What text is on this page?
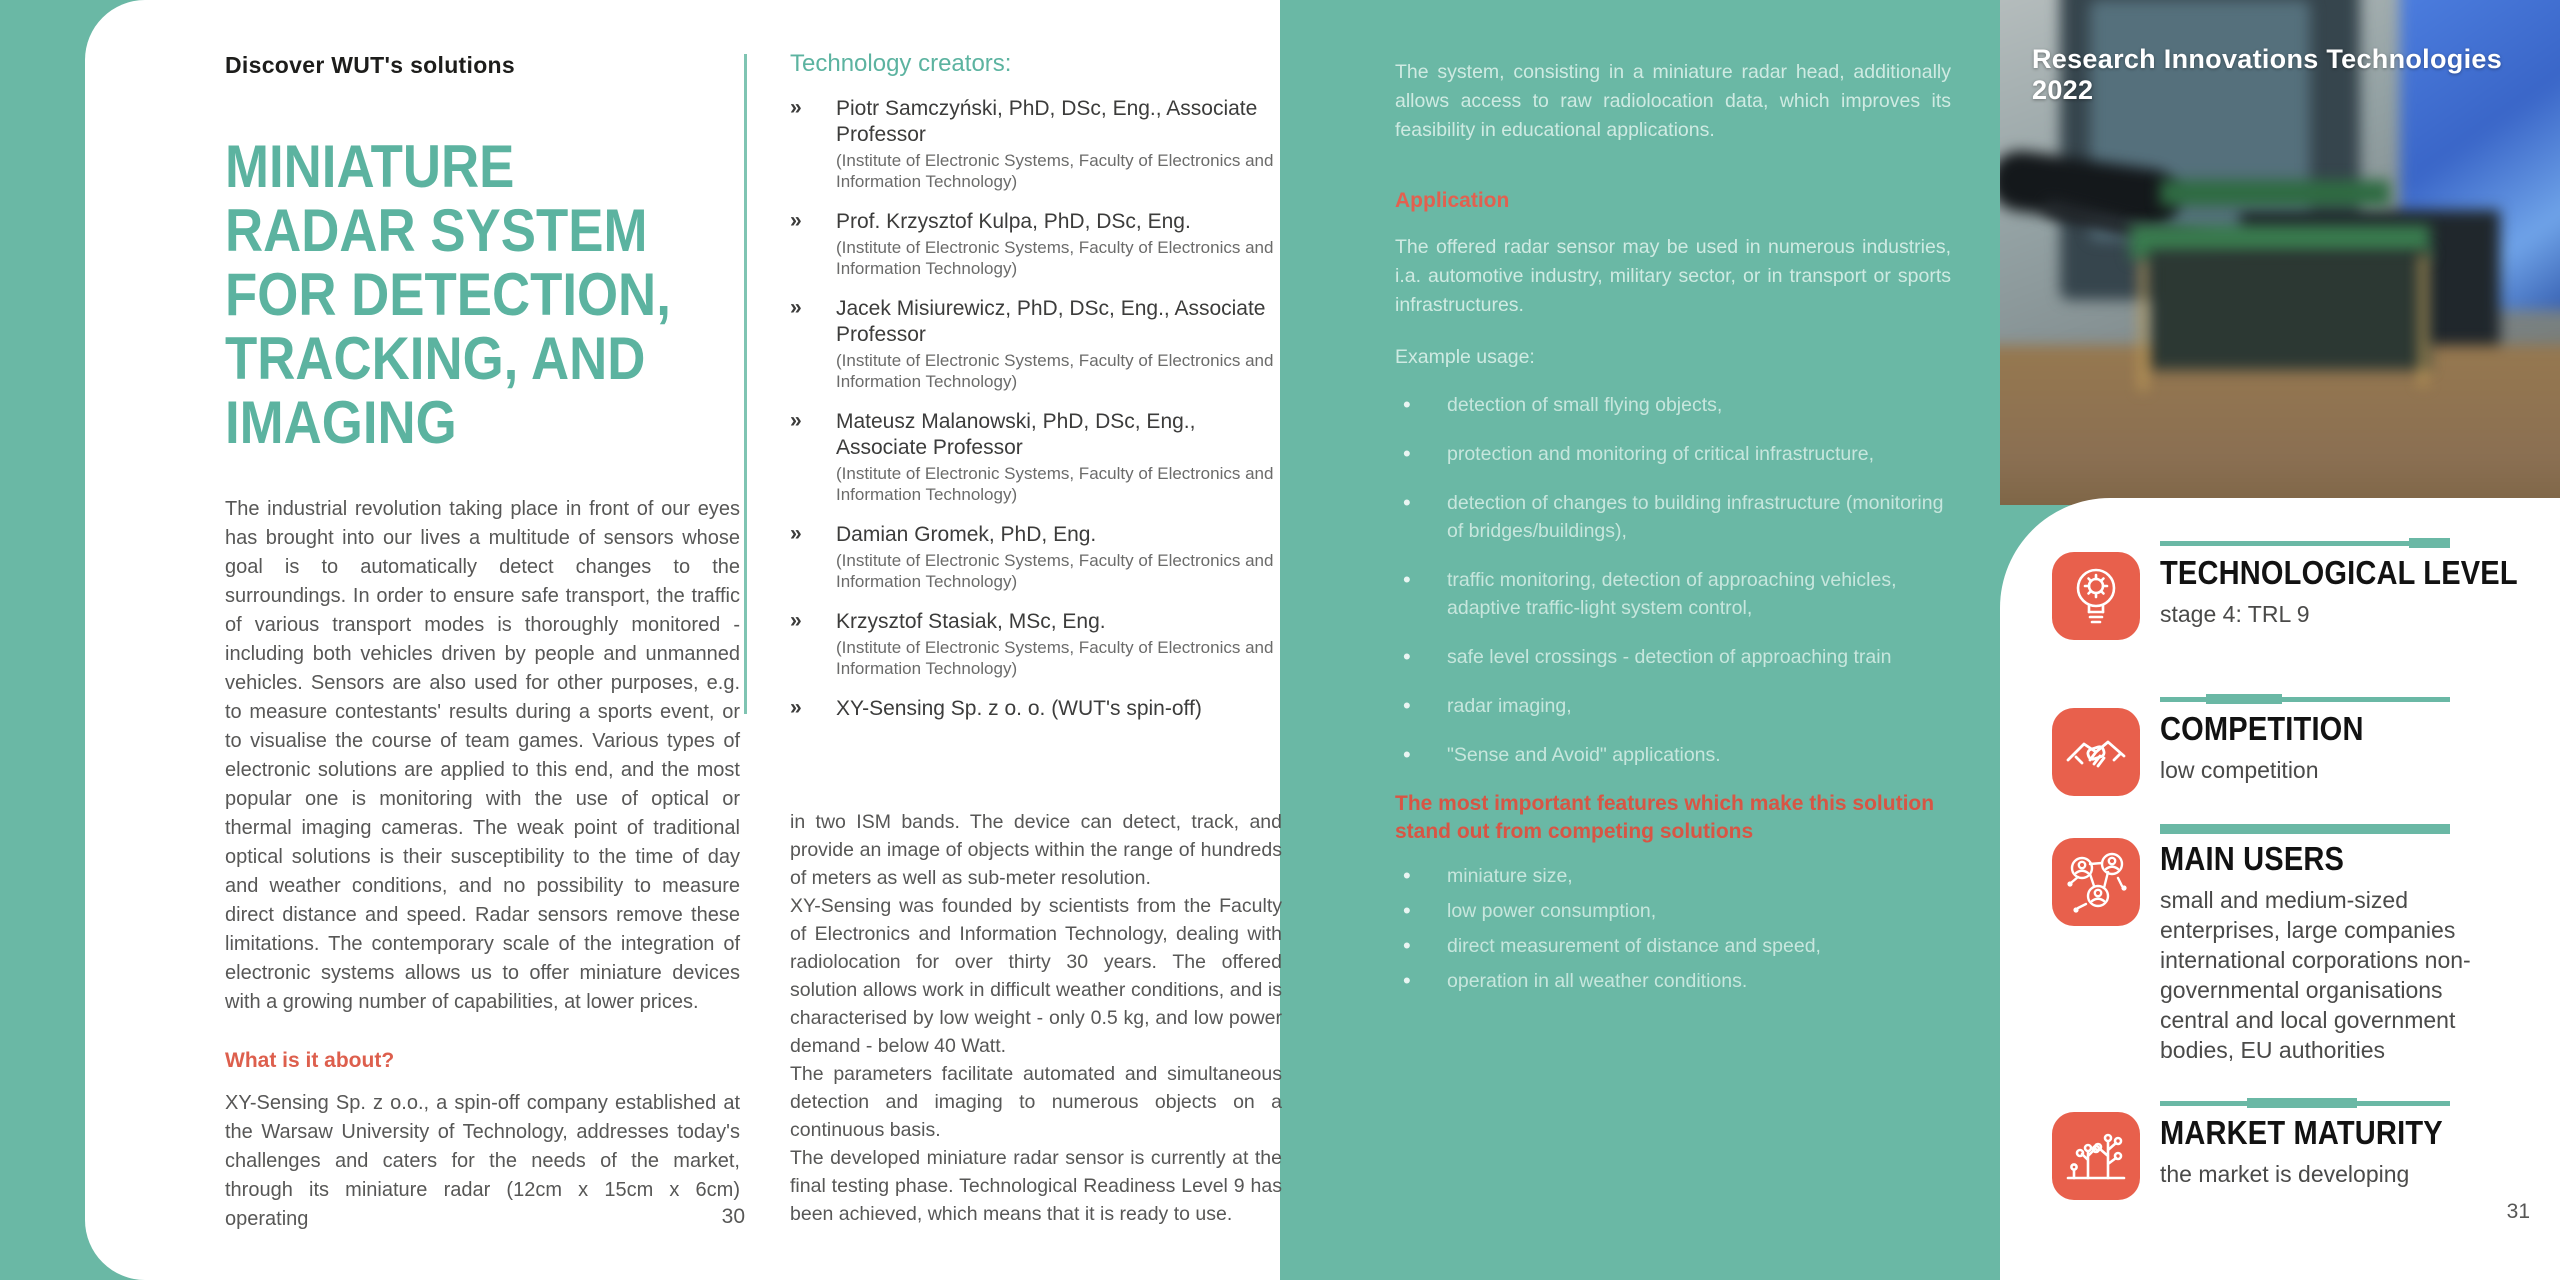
Discover WUT's solutions
MINIATURE
RADAR SYSTEM
FOR DETECTION,
TRACKING, AND
IMAGING

The industrial revolution taking place in front of our eyes has brought into our lives a multitude of sensors whose goal is to automatically detect changes to the surroundings. In order to ensure safe transport, the traffic of various transport modes is thoroughly monitored - including both vehicles driven by people and unmanned vehicles. Sensors are also used for other purposes, e.g. to measure contestants' results during a sports event, or to visualise the course of team games. Various types of electronic solutions are applied to this end, and the most popular one is monitoring with the use of optical or thermal imaging cameras. The weak point of traditional optical solutions is their susceptibility to the time of day and weather conditions, and no possibility to measure direct distance and speed. Radar sensors remove these limitations. The contemporary scale of the integration of electronic systems allows us to offer miniature devices with a growing number of capabilities, at lower prices.

What is it about?

XY-Sensing Sp. z o.o., a spin-off company established at the Warsaw University of Technology, addresses today's challenges and caters for the needs of the market, through its miniature radar (12cm x 15cm x 6cm) operating	30
Technology creators:
» Piotr Samczyński, PhD, DSc, Eng., Associate Professor
(Institute of Electronic Systems, Faculty of Electronics and Information Technology)
» Prof. Krzysztof Kulpa, PhD, DSc, Eng.
(Institute of Electronic Systems, Faculty of Electronics and Information Technology)
» Jacek Misiurewicz, PhD, DSc, Eng., Associate Professor
(Institute of Electronic Systems, Faculty of Electronics and Information Technology)
» Mateusz Malanowski, PhD, DSc, Eng., Associate Professor
(Institute of Electronic Systems, Faculty of Electronics and Information Technology)
» Damian Gromek, PhD, Eng.
(Institute of Electronic Systems, Faculty of Electronics and Information Technology)
» Krzysztof Stasiak, MSc, Eng.
(Institute of Electronic Systems, Faculty of Electronics and Information Technology)
» XY-Sensing Sp. z o. o. (WUT's spin-off)

in two ISM bands. The device can detect, track, and provide an image of objects within the range of hundreds of meters as well as sub-meter resolution.

XY-Sensing was founded by scientists from the Faculty of Electronics and Information Technology, dealing with radiolocation for over thirty 30 years. The offered solution allows work in difficult weather conditions, and is characterised by low weight - only 0.5 kg, and low power demand - below 40 Watt.

The parameters facilitate automated and simultaneous detection and imaging to numerous objects on a continuous basis.

The developed miniature radar sensor is currently at the final testing phase. Technological Readiness Level 9 has been achieved, which means that it is ready to use.

The system, consisting in a miniature radar head, additionally allows access to raw radiolocation data, which improves its feasibility in educational applications.

Application

The offered radar sensor may be used in numerous industries, i.a. automotive industry, military sector, or in transport or sports infrastructures.

Example usage:
• detection of small flying objects,
• protection and monitoring of critical infrastructure,
• detection of changes to building infrastructure (monitoring of bridges/buildings),
• traffic monitoring, detection of approaching vehicles, adaptive traffic-light system control,
• safe level crossings - detection of approaching train
• radar imaging,
• "Sense and Avoid" applications.
The most important features which make this solution stand out from competing solutions
• miniature size,
• low power consumption,
• direct measurement of distance and speed,
• operation in all weather conditions.
Research Innovations Technologies 2022
TECHNOLOGICAL LEVEL
stage 4: TRL 9
COMPETITION
low competition
MAIN USERS
small and medium-sized enterprises, large companies international corporations non-governmental organisations central and local government bodies, EU authorities
MARKET MATURITY
the market is developing
31
